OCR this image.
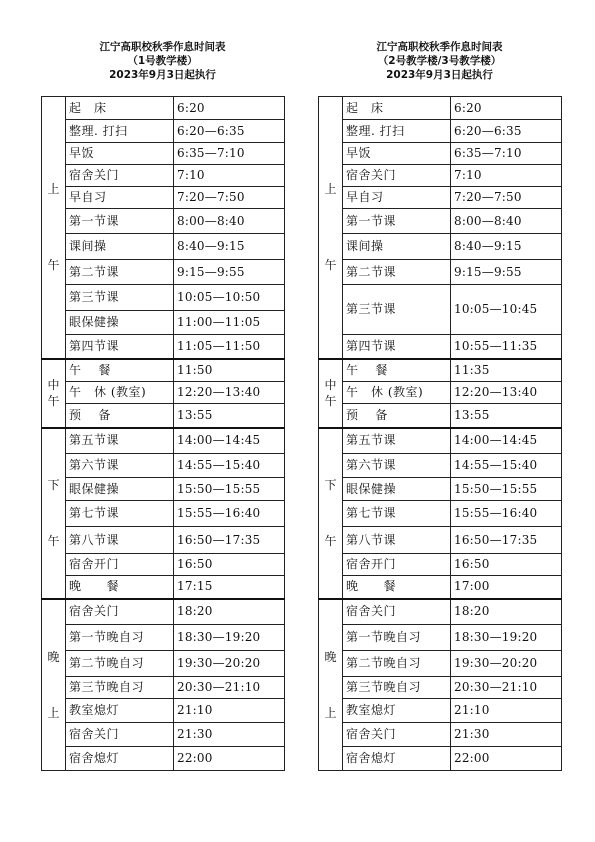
江宁高职校秋季作息时间表
（1号教学楼）
2023年9月3日起执行
上
午	起　床	6:20
	整理. 打扫	6:20—6:35
	早饭	6:35—7:10
	宿舍关门	7:10
	早自习	7:20—7:50
	第一节课	8:00—8:40
	课间操	8:40—9:15
	第二节课	9:15—9:55
	第三节课	10:05—10:50
	眼保健操	11:00—11:05
	第四节课	11:05—11:50

中
午	午　 餐	11:50
	午　休 (教室)	12:20—13:40
	预　 备	13:55

下
午	第五节课	14:00—14:45
	第六节课	14:55—15:40
	眼保健操	15:50—15:55
	第七节课	15:55—16:40
	第八节课	16:50—17:35
	宿舍开门	16:50
	晚　　餐	17:15

晚
上	宿舍关门	18:20
	第一节晚自习	18:30—19:20
	第二节晚自习	19:30—20:20
	第三节晚自习	20:30—21:10
	教室熄灯	21:10
	宿舍关门	21:30
	宿舍熄灯	22:00
江宁高职校秋季作息时间表
（2号教学楼/3号教学楼）
2023年9月3日起执行
上
午	起　床	6:20
	整理. 打扫	6:20—6:35
	早饭	6:35—7:10
	宿舍关门	7:10
	早自习	7:20—7:50
	第一节课	8:00—8:40
	课间操	8:40—9:15
	第二节课	9:15—9:55
	第三节课	10:05—10:45
	第四节课	10:55—11:35

中
午	午　 餐	11:35
	午　休 (教室)	12:20—13:40
	预　 备	13:55

下
午	第五节课	14:00—14:45
	第六节课	14:55—15:40
	眼保健操	15:50—15:55
	第七节课	15:55—16:40
	第八节课	16:50—17:35
	宿舍开门	16:50
	晚　　餐	17:00

晚
上	宿舍关门	18:20
	第一节晚自习	18:30—19:20
	第二节晚自习	19:30—20:20
	第三节晚自习	20:30—21:10
	教室熄灯	21:10
	宿舍关门	21:30
	宿舍熄灯	22:00
